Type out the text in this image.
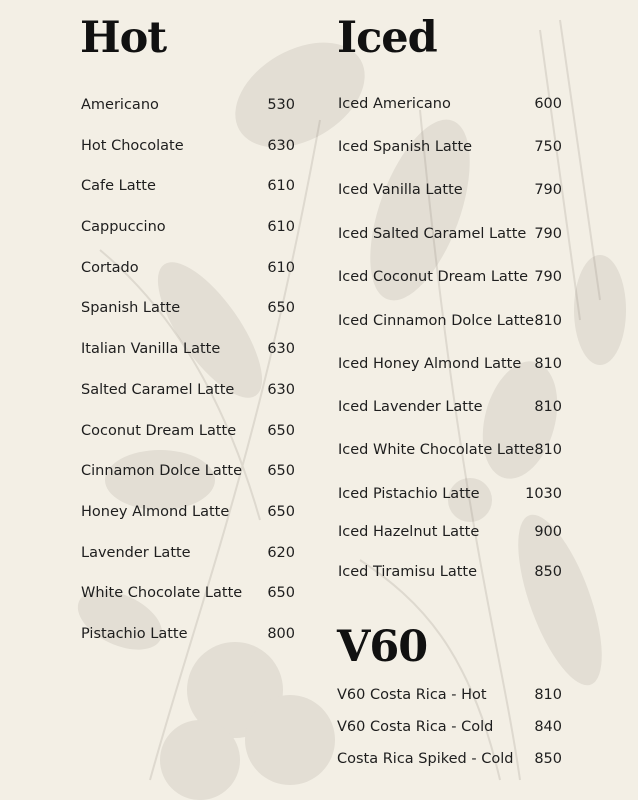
Hot
Americano	530
Hot Chocolate	630
Cafe Latte	610
Cappuccino	610
Cortado	610
Spanish Latte	650
Italian Vanilla Latte	630
Salted Caramel Latte 630
Coconut Dream Latte 650
Cinnamon Dolce Latte 650
Honey Almond Latte	650
Lavender Latte	620
White Chocolate Latte 650
Pistachio Latte	800
Iced
Iced Americano	600
Iced Spanish Latte	750
Iced Vanilla Latte	790
Iced Salted Caramel Latte 790
Iced Coconut Dream Latte 790
Iced Cinnamon Dolce Latte 810
Iced Honey Almond Latte 810
Iced Lavender Latte	810
Iced White Chocolate Latte 810
Iced Pistachio Latte	1030
Iced Hazelnut Latte	900
Iced Tiramisu Latte	850
V60
V60 Costa Rica - Hot	810
V60 Costa Rica - Cold	840
Costa Rica Spiked - Cold 850
